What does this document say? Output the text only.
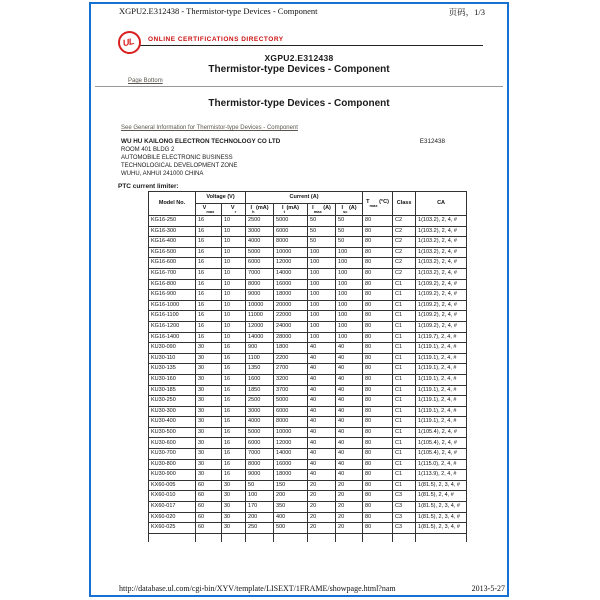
XGPU2.E312438 - Thermistor-type Devices - Component	页码，1/3
UL ONLINE CERTIFICATIONS DIRECTORY
XGPU2.E312438
Thermistor-type Devices - Component
Page Bottom
Thermistor-type Devices - Component
See General Information for Thermistor-type Devices - Component
WU HU KAILONG ELECTRON TECHNOLOGY CO LTD
ROOM 401 BLDG 2
AUTOMOBILE ELECTRONIC BUSINESS
TECHNOLOGICAL DEVELOPMENT ZONE
WUHU, ANHUI 241000 CHINA
E312438
PTC current limiter:
Model No.	Voltage (V)		Current (A)				$T_{max}$ (°C)	Class	CA
	$V_{max}$	$V_r$	$I_h$ (mA)	$I_t$ (mA)	$I_{max}$ (A)	$I_{sc}$ (A)			
KG16-250	16	10	2500	5000	50	50	80	C2	1(103.2), 2, 4, #
KG16-300	16	10	3000	6000	50	50	80	C2	1(103.2), 2, 4, #
KG16-400	16	10	4000	8000	50	50	80	C2	1(103.2), 2, 4, #
KG16-500	16	10	5000	10000	100	100	80	C2	1(103.2), 2, 4, #
KG16-600	16	10	6000	12000	100	100	80	C2	1(103.2), 2, 4, #
KG16-700	16	10	7000	14000	100	100	80	C2	1(103.2), 2, 4, #
KG16-800	16	10	8000	16000	100	100	80	C1	1(109.2), 2, 4, #
KG16-900	16	10	9000	18000	100	100	80	C1	1(109.2), 2, 4, #
KG16-1000	16	10	10000	20000	100	100	80	C1	1(109.2), 2, 4, #
KG16-1100	16	10	11000	22000	100	100	80	C1	1(109.2), 2, 4, #
KG16-1200	16	10	12000	24000	100	100	80	C1	1(109.2), 2, 4, #
KG16-1400	16	10	14000	28000	100	100	80	C1	1(119.7), 2, 4, #
KU30-090	30	16	900	1800	40	40	80	C1	1(119.1), 2, 4, #
KU30-110	30	16	1100	2200	40	40	80	C1	1(119.1), 2, 4, #
KU30-135	30	16	1350	2700	40	40	80	C1	1(119.1), 2, 4, #
KU30-160	30	16	1600	3200	40	40	80	C1	1(119.1), 2, 4, #
KU30-185	30	16	1850	3700	40	40	80	C1	1(119.1), 2, 4, #
KU30-250	30	16	2500	5000	40	40	80	C1	1(119.1), 2, 4, #
KU30-300	30	16	3000	6000	40	40	80	C1	1(119.1), 2, 4, #
KU30-400	30	16	4000	8000	40	40	80	C1	1(119.1), 2, 4, #
KU30-500	30	16	5000	10000	40	40	80	C1	1(105.4), 2, 4, #
KU30-600	30	16	6000	12000	40	40	80	C1	1(105.4), 2, 4, #
KU30-700	30	16	7000	14000	40	40	80	C1	1(105.4), 2, 4, #
KU30-800	30	16	8000	16000	40	40	80	C1	1(115.0), 2, 4, #
KU30-900	30	16	9000	18000	40	40	80	C1	1(113.9), 2, 4, #
KX60-005	60	30	50	150	20	20	80	C1	1(81.5), 2, 3, 4, #
KX60-010	60	30	100	200	20	20	80	C3	1(81.5), 2, 4, #
KX60-017	60	30	170	350	20	20	80	C3	1(81.5), 2, 3, 4, #
KX60-020	60	30	200	400	20	20	80	C3	1(81.5), 2, 3, 4, #
KX60-025	60	30	250	500	20	20	80	C3	1(81.5), 2, 3, 4, #

http://database.ul.com/cgi-bin/XYV/template/LISEXT/1FRAME/showpage.html?nam	2013-5-27
